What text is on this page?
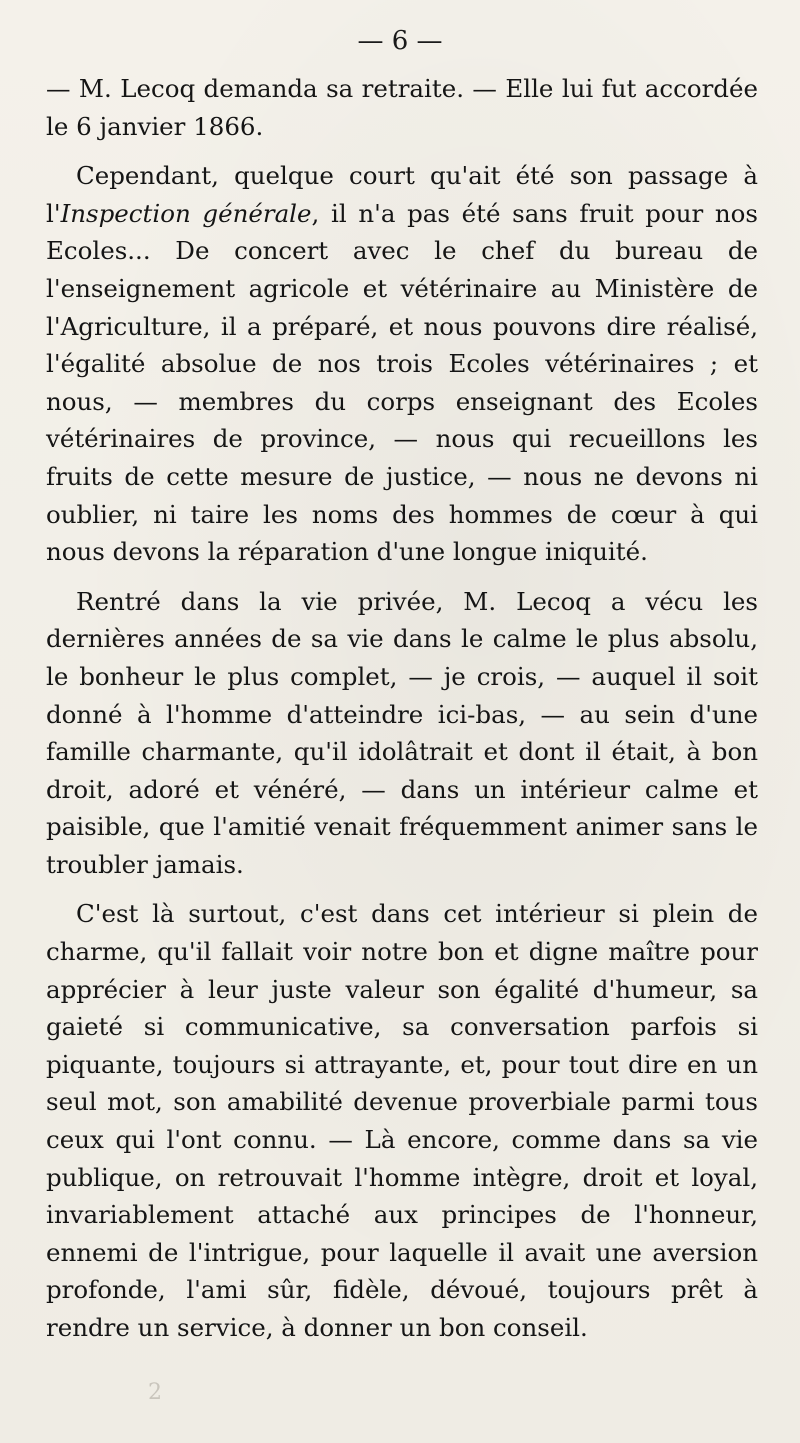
— 6 —

— M. Lecoq demanda sa retraite. — Elle lui fut accordée le 6 janvier 1866.

Cependant, quelque court qu'ait été son passage à l'Inspection générale, il n'a pas été sans fruit pour nos Ecoles... De concert avec le chef du bureau de l'enseignement agricole et vétérinaire au Ministère de l'Agriculture, il a préparé, et nous pouvons dire réalisé, l'égalité absolue de nos trois Ecoles vétérinaires ; et nous, — membres du corps enseignant des Ecoles vétérinaires de province, — nous qui recueillons les fruits de cette mesure de justice, — nous ne devons ni oublier, ni taire les noms des hommes de cœur à qui nous devons la réparation d'une longue iniquité.

Rentré dans la vie privée, M. Lecoq a vécu les dernières années de sa vie dans le calme le plus absolu, le bonheur le plus complet, — je crois, — auquel il soit donné à l'homme d'atteindre ici-bas, — au sein d'une famille charmante, qu'il idolâtrait et dont il était, à bon droit, adoré et vénéré, — dans un intérieur calme et paisible, que l'amitié venait fréquemment animer sans le troubler jamais.

C'est là surtout, c'est dans cet intérieur si plein de charme, qu'il fallait voir notre bon et digne maître pour apprécier à leur juste valeur son égalité d'humeur, sa gaieté si communicative, sa conversation parfois si piquante, toujours si attrayante, et, pour tout dire en un seul mot, son amabilité devenue proverbiale parmi tous ceux qui l'ont connu. — Là encore, comme dans sa vie publique, on retrouvait l'homme intègre, droit et loyal, invariablement attaché aux principes de l'honneur, ennemi de l'intrigue, pour laquelle il avait une aversion profonde, l'ami sûr, fidèle, dévoué, toujours prêt à rendre un service, à donner un bon conseil.

2
